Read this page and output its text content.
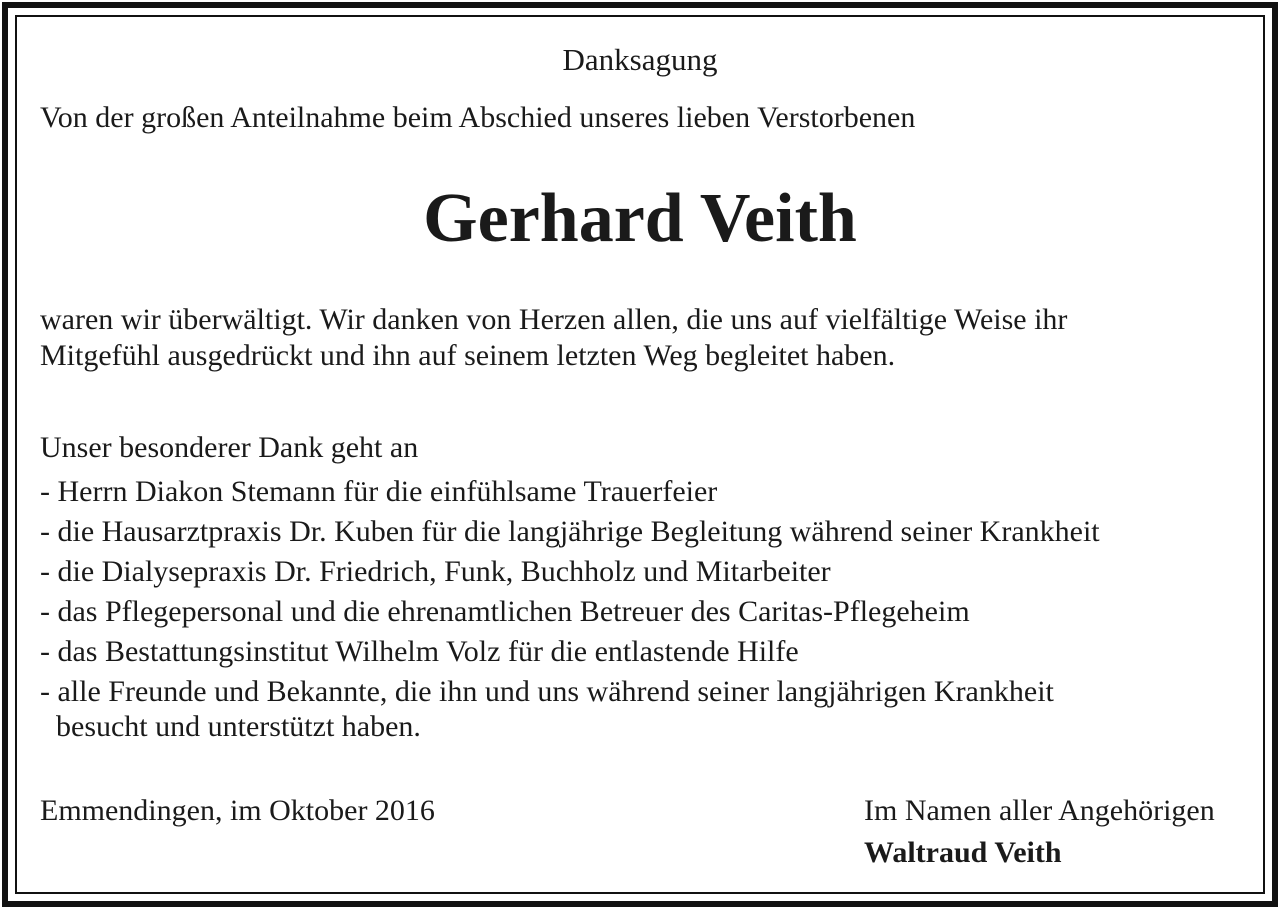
Danksagung

Von der großen Anteilnahme beim Abschied unseres lieben Verstorbenen

Gerhard Veith

waren wir überwältigt. Wir danken von Herzen allen, die uns auf vielfältige Weise ihr

Mitgefühl ausgedrückt und ihn auf seinem letzten Weg begleitet haben.

Unser besonderer Dank geht an

- Herrn Diakon Stemann für die einfühlsame Trauerfeier
- die Hausarztpraxis Dr. Kuben für die langjährige Begleitung während seiner Krankheit
- die Dialysepraxis Dr. Friedrich, Funk, Buchholz und Mitarbeiter
- das Pflegepersonal und die ehrenamtlichen Betreuer des Caritas-Pflegeheim
- das Bestattungsinstitut Wilhelm Volz für die entlastende Hilfe
- alle Freunde und Bekannte, die ihn und uns während seiner langjährigen Krankheit

besucht und unterstützt haben.

Emmendingen, im Oktober 2016	Im Namen aller Angehörigen

Waltraud Veith
